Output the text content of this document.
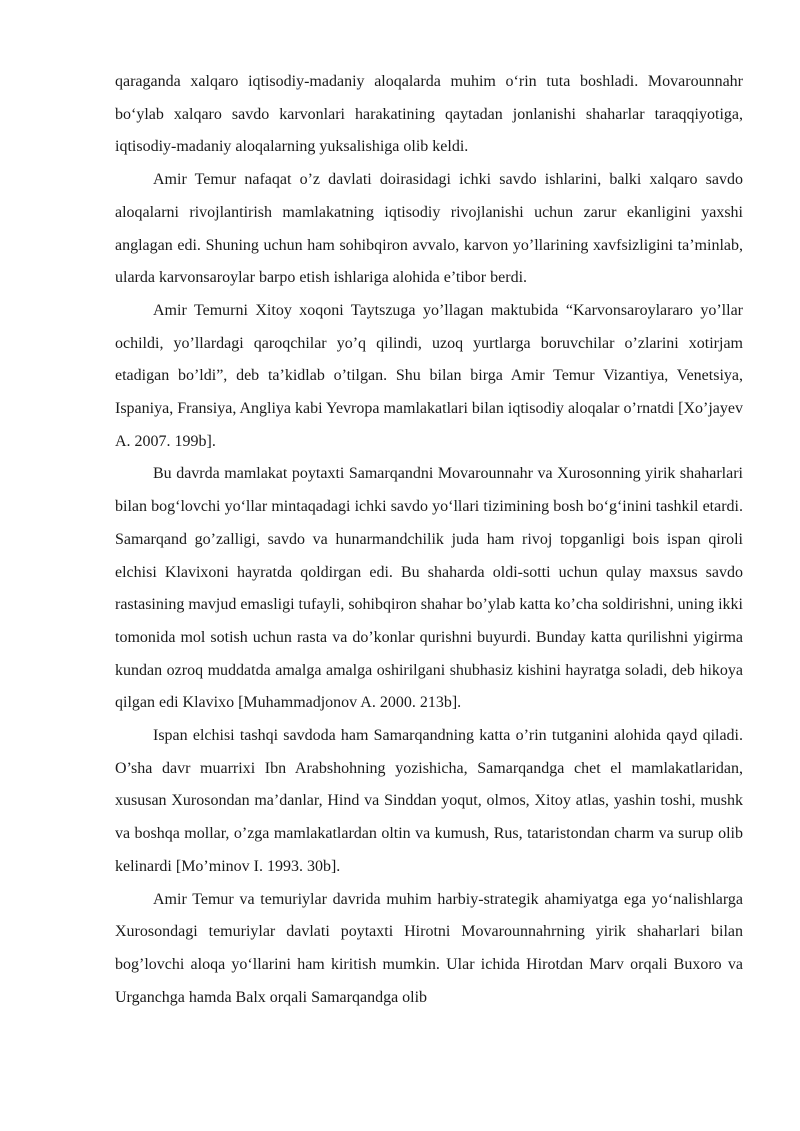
qaraganda xalqaro iqtisodiy-madaniy aloqalarda muhim o‘rin tuta boshladi. Movarounnahr bo‘ylab xalqaro savdo karvonlari harakatining qaytadan jonlanishi shaharlar taraqqiyotiga, iqtisodiy-madaniy aloqalarning yuksalishiga olib keldi.

Amir Temur nafaqat o’z davlati doirasidagi ichki savdo ishlarini, balki xalqaro savdo aloqalarni rivojlantirish mamlakatning iqtisodiy rivojlanishi uchun zarur ekanligini yaxshi anglagan edi. Shuning uchun ham sohibqiron avvalo, karvon yo’llarining xavfsizligini ta’minlab, ularda karvonsaroylar barpo etish ishlariga alohida e’tibor berdi.

Amir Temurni Xitoy xoqoni Taytszuga yo’llagan maktubida “Karvonsaroylararo yo’llar ochildi, yo’llardagi qaroqchilar yo’q qilindi, uzoq yurtlarga boruvchilar o’zlarini xotirjam etadigan bo’ldi”, deb ta’kidlab o’tilgan. Shu bilan birga Amir Temur Vizantiya, Venetsiya, Ispaniya, Fransiya, Angliya kabi Yevropa mamlakatlari bilan iqtisodiy aloqalar o’rnatdi [Xo’jayev A. 2007. 199b].

Bu davrda mamlakat poytaxti Samarqandni Movarounnahr va Xurosonning yirik shaharlari bilan bog‘lovchi yo‘llar mintaqadagi ichki savdo yo‘llari tizimining bosh bo‘g‘inini tashkil etardi. Samarqand go’zalligi, savdo va hunarmandchilik juda ham rivoj topganligi bois ispan qiroli elchisi Klavixoni hayratda qoldirgan edi. Bu shaharda oldi-sotti uchun qulay maxsus savdo rastasining mavjud emasligi tufayli, sohibqiron shahar bo’ylab katta ko’cha soldirishni, uning ikki tomonida mol sotish uchun rasta va do’konlar qurishni buyurdi. Bunday katta qurilishni yigirma kundan ozroq muddatda amalga amalga oshirilgani shubhasiz kishini hayratga soladi, deb hikoya qilgan edi Klavixo [Muhammadjonov A. 2000. 213b].

Ispan elchisi tashqi savdoda ham Samarqandning katta o’rin tutganini alohida qayd qiladi. O’sha davr muarrixi Ibn Arabshohning yozishicha, Samarqandga chet el mamlakatlaridan, xususan Xurosondan ma’danlar, Hind va Sinddan yoqut, olmos, Xitoy atlas, yashin toshi, mushk va boshqa mollar, o’zga mamlakatlardan oltin va kumush, Rus, tataristondan charm va surup olib kelinardi [Mo’minov I. 1993. 30b].

Amir Temur va temuriylar davrida muhim harbiy-strategik ahamiyatga ega yo‘nalishlarga Xurosondagi temuriylar davlati poytaxti Hirotni Movarounnahrning yirik shaharlari bilan bog’lovchi aloqa yo‘llarini ham kiritish mumkin. Ular ichida Hirotdan Marv orqali Buxoro va Urganchga hamda Balx orqali Samarqandga olib
